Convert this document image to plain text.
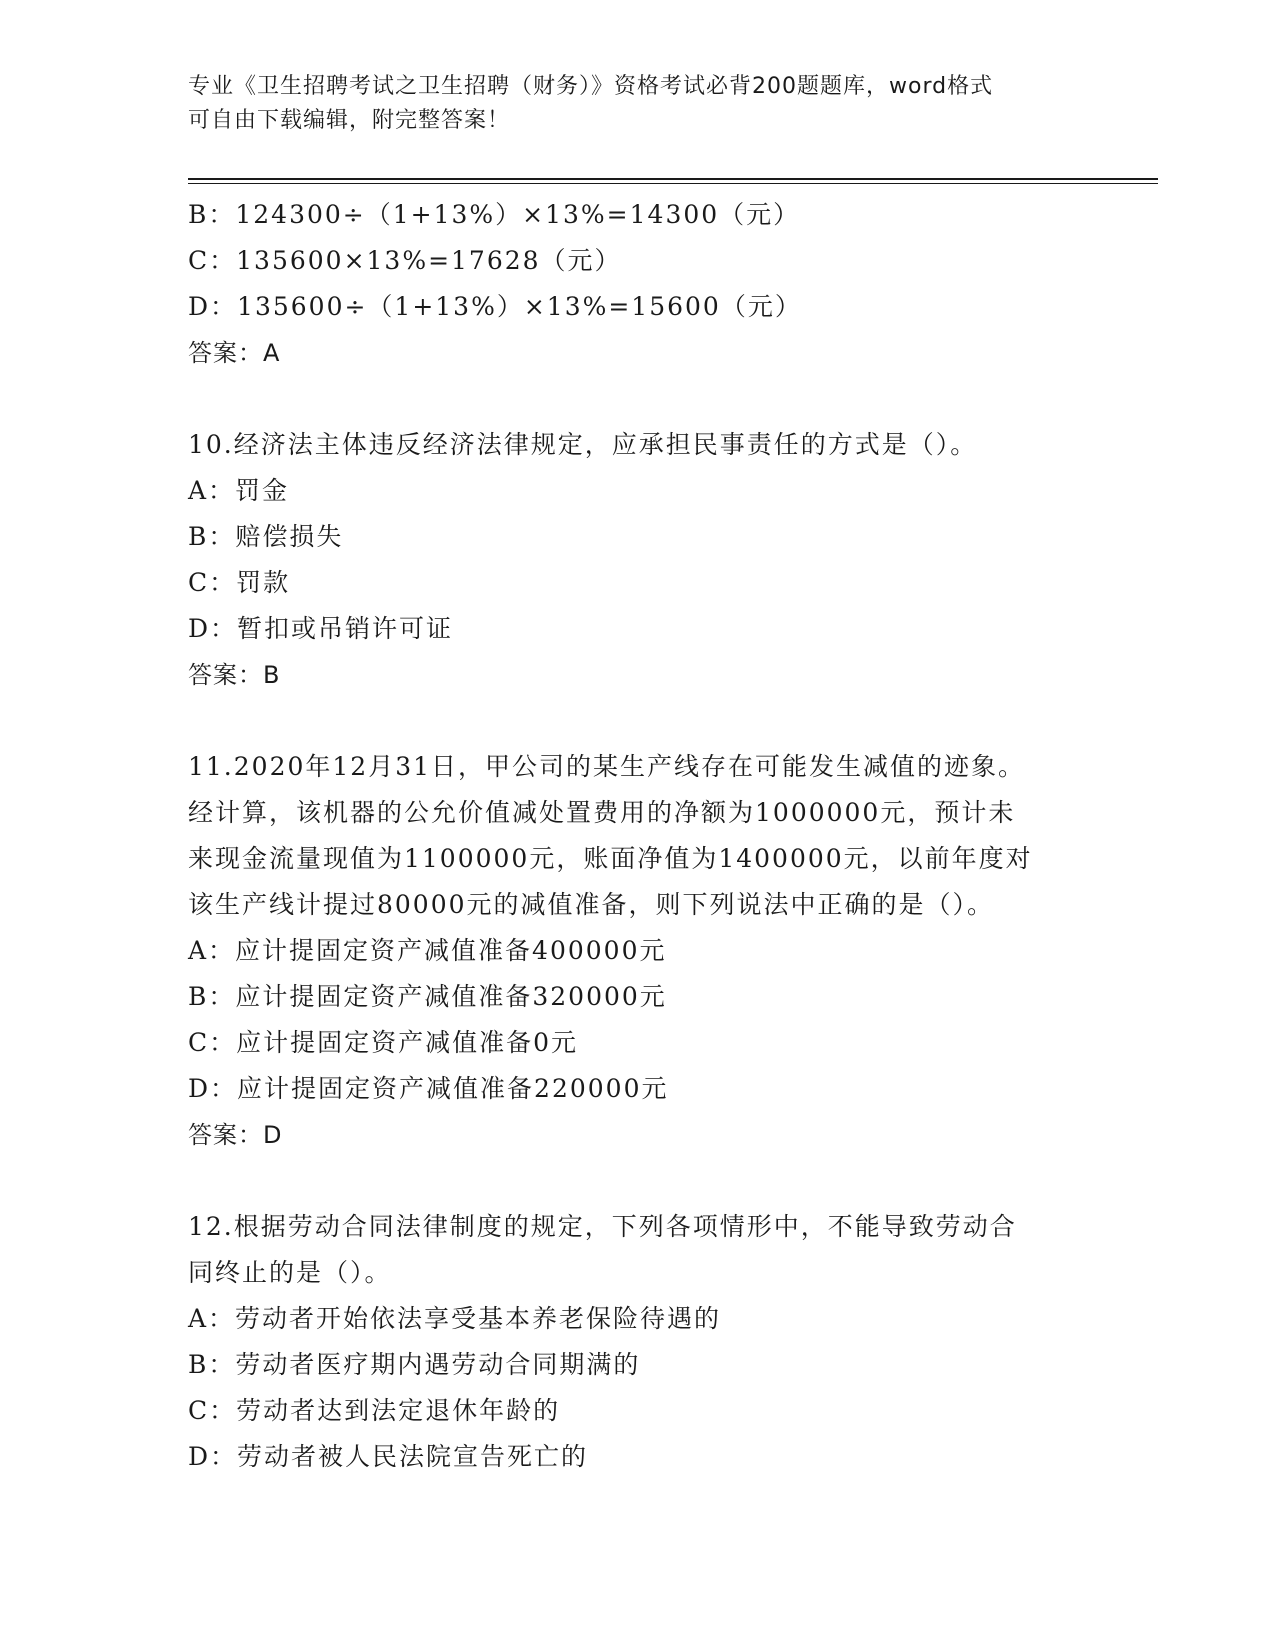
专业《卫生招聘考试之卫生招聘（财务）》资格考试必背200题题库，word格式
可自由下载编辑，附完整答案！
B：124300÷（1+13%）×13%=14300（元）
C：135600×13%=17628（元）
D：135600÷（1+13%）×13%=15600（元）
答案：A
10.经济法主体违反经济法律规定，应承担民事责任的方式是（）。
A：罚金
B：赔偿损失
C：罚款
D：暂扣或吊销许可证
答案：B
11.2020年12月31日，甲公司的某生产线存在可能发生减值的迹象。
经计算，该机器的公允价值减处置费用的净额为1000000元，预计未
来现金流量现值为1100000元，账面净值为1400000元，以前年度对
该生产线计提过80000元的减值准备，则下列说法中正确的是（）。
A：应计提固定资产减值准备400000元
B：应计提固定资产减值准备320000元
C：应计提固定资产减值准备0元
D：应计提固定资产减值准备220000元
答案：D
12.根据劳动合同法律制度的规定，下列各项情形中，不能导致劳动合
同终止的是（）。
A：劳动者开始依法享受基本养老保险待遇的
B：劳动者医疗期内遇劳动合同期满的
C：劳动者达到法定退休年龄的
D：劳动者被人民法院宣告死亡的
